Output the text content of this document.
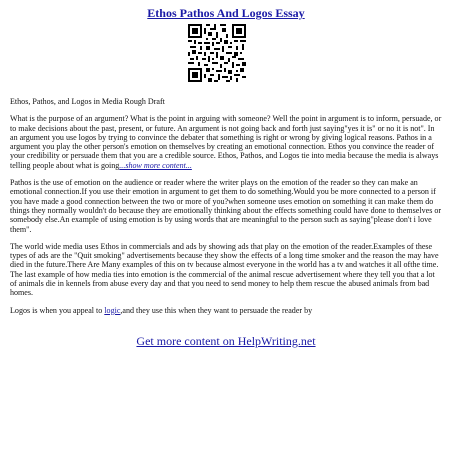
Ethos Pathos And Logos Essay

Ethos, Pathos, and Logos in Media Rough Draft

What is the purpose of an argument? What is the point in arguing with someone? Well the point in argument is to inform, persuade, or to make decisions about the past, present, or future. An argument is not going back and forth just saying"yes it is" or no it is not". In an argument you use logos by trying to convince the debater that something is right or wrong by giving logical reasons. Pathos in a argument you play the other person's emotion on themselves by creating an emotional connection. Ethos you convince the reader of your credibility or persuade them that you are a credible source. Ethos, Pathos, and Logos tie into media because the media is always telling people about what is going...show more content...

Pathos is the use of emotion on the audience or reader where the writer plays on the emotion of the reader so they can make an emotional connection.If you use their emotion in argument to get them to do something.Would you be more connected to a person if you have made a good connection between the two or more of you?when someone uses emotion on something it can make them do things they normally wouldn't do because they are emotionally thinking about the effects something could have done to themselves or somebody else.An example of using emotion is by using words that are meaningful to the person such as saying"please don't i love them".

The world wide media uses Ethos in commercials and ads by showing ads that play on the emotion of the reader.Examples of these types of ads are the "Quit smoking" advertisements because they show the effects of a long time smoker and the reason the may have died in the future.There Are Many examples of this on tv because almost everyone in the world has a tv and watches it all ofthe time. The last example of how media ties into emotion is the commercial of the animal rescue advertisement where they tell you that a lot of animals die in kennels from abuse every day and that you need to send money to help them rescue the abused animals from bad homes.

Logos is when you appeal to logic,and they use this when they want to persuade the reader by

Get more content on HelpWriting.net
